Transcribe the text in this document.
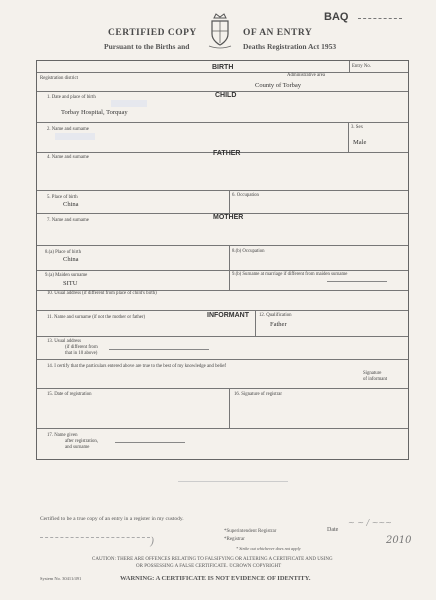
CERTIFIED COPY	OF AN ENTRY
Pursuant to the Births and	Deaths Registration Act 1953
BAQ
BIRTH	Entry No.
Registration district
Administrative area
County of Torbay
CHILD
1. Date and place of birth
Torbay Hospital, Torquay
2. Name and surname	3. Sex
Male
FATHER
4. Name and surname
5. Place of birth
China
6. Occupation
MOTHER
7. Name and surname
8.(a) Place of birth
China
8.(b) Occupation
9.(a) Maiden surname
SITU
9.(b) Surname at marriage if different from maiden surname
10. Usual address (if different from place of child's birth)
INFORMANT
11. Name and surname (if not the mother or father)	12. Qualification
Father
13. Usual address
(if different from
that in 10 above)
14. I certify that the particulars entered above are true to the best of my knowledge and belief
Signature
of informant
15. Date of registration	16. Signature of registrar
17. Name given
after registration,
and surname
Certified to be a true copy of an entry in a register in my custody.
*Superintendent Registrar
*Registrar
* Strike out whichever does not apply
Date
~ ~ / ~~~
2010
)
CAUTION: THERE ARE OFFENCES RELATING TO FALSIFYING OR ALTERING A CERTIFICATE AND USING
OR POSSESSING A FALSE CERTIFICATE. ©CROWN COPYRIGHT
System No. 30411/491	WARNING: A CERTIFICATE IS NOT EVIDENCE OF IDENTITY.
